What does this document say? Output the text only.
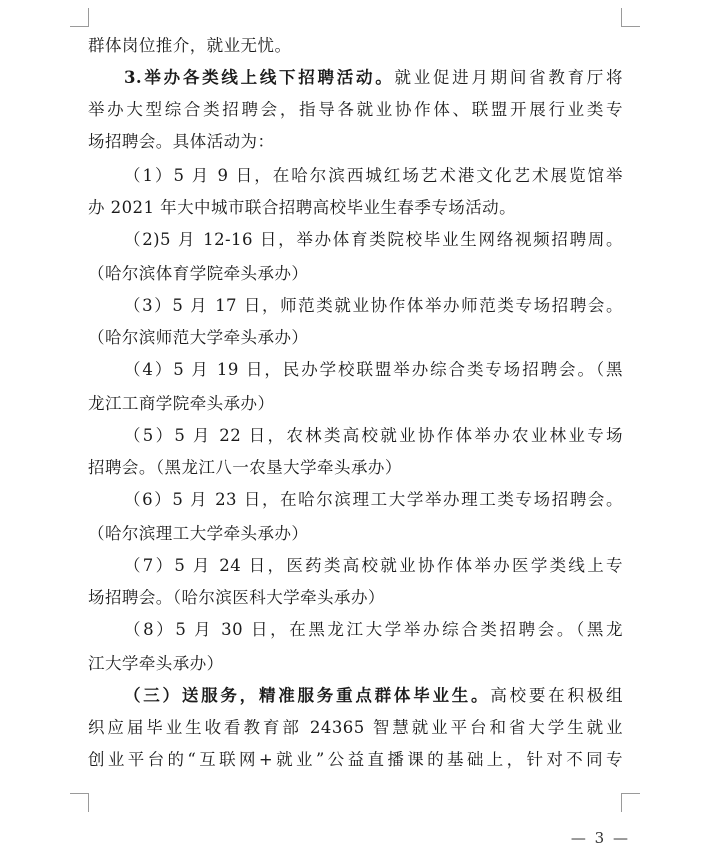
群体岗位推介，就业无忧。
3.举办各类线上线下招聘活动。就业促进月期间省教育厅将
举办大型综合类招聘会，指导各就业协作体、联盟开展行业类专
场招聘会。具体活动为：
（1）5 月 9 日，在哈尔滨西城红场艺术港文化艺术展览馆举
办 2021 年大中城市联合招聘高校毕业生春季专场活动。
（2)5 月 12-16 日，举办体育类院校毕业生网络视频招聘周。
（哈尔滨体育学院牵头承办）
（3）5 月 17 日，师范类就业协作体举办师范类专场招聘会。
（哈尔滨师范大学牵头承办）
（4）5 月 19 日，民办学校联盟举办综合类专场招聘会。（黑
龙江工商学院牵头承办）
（5）5 月 22 日，农林类高校就业协作体举办农业林业专场
招聘会。（黑龙江八一农垦大学牵头承办）
（6）5 月 23 日，在哈尔滨理工大学举办理工类专场招聘会。
（哈尔滨理工大学牵头承办）
（7）5 月 24 日，医药类高校就业协作体举办医学类线上专
场招聘会。（哈尔滨医科大学牵头承办）
（8）5 月 30 日，在黑龙江大学举办综合类招聘会。（黑龙
江大学牵头承办）
（三）送服务，精准服务重点群体毕业生。高校要在积极组
织应届毕业生收看教育部 24365 智慧就业平台和省大学生就业
创业平台的“互联网+就业”公益直播课的基础上，针对不同专
— 3 —
